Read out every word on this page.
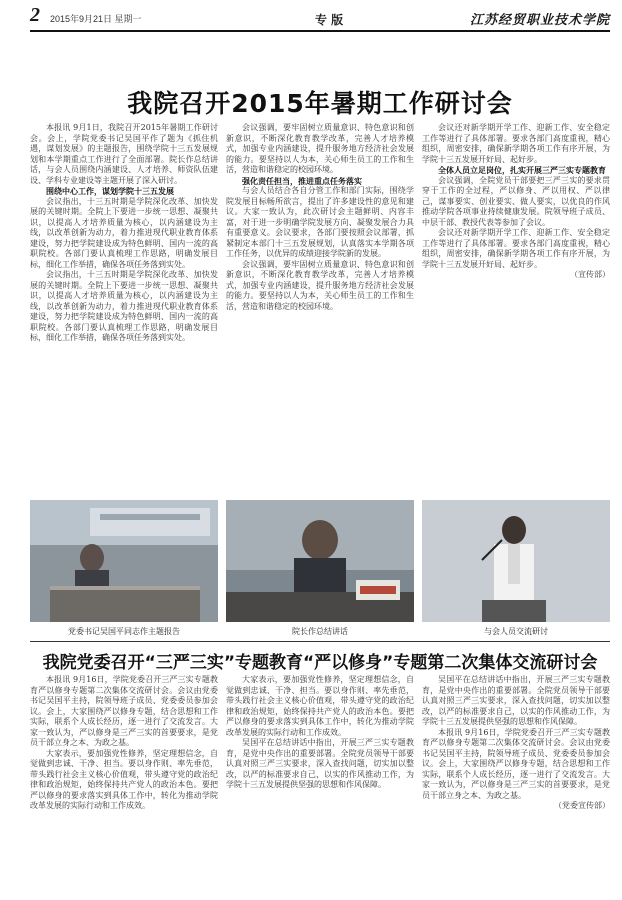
2 2015年9月21日 星期一	专 版	江苏经贸职业技术学院
我院召开2015年暑期工作研讨会

本报讯 9月1日，我院召开2015年暑期工作研讨会。会上，学院党委书记吴国平作了题为《抓住机遇，谋划发展》的主题报告，围绕学院十三五发展规划和本学期重点工作进行了全面部署。院长作总结讲话，与会人员围绕内涵建设、人才培养、师资队伍建设、学科专业建设等主题开展了深入研讨。

围绕中心工作，谋划学院十三五发展

会议指出，十三五时期是学院深化改革、加快发展的关键时期。全院上下要进一步统一思想、凝聚共识，以提高人才培养质量为核心，以内涵建设为主线，以改革创新为动力，着力推进现代职业教育体系建设，努力把学院建设成为特色鲜明、国内一流的高职院校。各部门要认真梳理工作思路，明确发展目标，细化工作举措，确保各项任务落到实处。

会议指出，十三五时期是学院深化改革、加快发展的关键时期。全院上下要进一步统一思想、凝聚共识，以提高人才培养质量为核心，以内涵建设为主线，以改革创新为动力，着力推进现代职业教育体系建设，努力把学院建设成为特色鲜明、国内一流的高职院校。各部门要认真梳理工作思路，明确发展目标，细化工作举措，确保各项任务落到实处。

会议强调，要牢固树立质量意识、特色意识和创新意识，不断深化教育教学改革，完善人才培养模式，加强专业内涵建设，提升服务地方经济社会发展的能力。要坚持以人为本，关心师生员工的工作和生活，营造和谐稳定的校园环境。

强化责任担当，推进重点任务落实

与会人员结合各自分管工作和部门实际，围绕学院发展目标畅所欲言，提出了许多建设性的意见和建议。大家一致认为，此次研讨会主题鲜明、内容丰富，对于进一步明确学院发展方向、凝聚发展合力具有重要意义。会议要求，各部门要按照会议部署，抓紧制定本部门十三五发展规划，认真落实本学期各项工作任务，以优异的成绩迎接学院新的发展。

会议强调，要牢固树立质量意识、特色意识和创新意识，不断深化教育教学改革，完善人才培养模式，加强专业内涵建设，提升服务地方经济社会发展的能力。要坚持以人为本，关心师生员工的工作和生活，营造和谐稳定的校园环境。

会议还对新学期开学工作、迎新工作、安全稳定工作等进行了具体部署。要求各部门高度重视，精心组织，周密安排，确保新学期各项工作有序开展，为学院十三五发展开好局、起好步。

全体人员立足岗位，扎实开展三严三实专题教育

会议强调，全院党员干部要把三严三实的要求贯穿于工作的全过程，严以修身、严以用权、严以律己，谋事要实、创业要实、做人要实，以优良的作风推动学院各项事业持续健康发展。院领导班子成员、中层干部、教授代表等参加了会议。

会议还对新学期开学工作、迎新工作、安全稳定工作等进行了具体部署。要求各部门高度重视，精心组织，周密安排，确保新学期各项工作有序开展，为学院十三五发展开好局、起好步。

（宣传部）

党委书记吴国平同志作主题报告	院长作总结讲话	与会人员交流研讨
我院党委召开“三严三实”专题教育“严以修身”专题第二次集体交流研讨会

本报讯 9月16日，学院党委召开三严三实专题教育严以修身专题第二次集体交流研讨会。会议由党委书记吴国平主持，院领导班子成员、党委委员参加会议。会上，大家围绕严以修身专题，结合思想和工作实际，联系个人成长经历，逐一进行了交流发言。大家一致认为，严以修身是三严三实的首要要求，是党员干部立身之本、为政之基。

大家表示，要加强党性修养，坚定理想信念，自觉做到忠诚、干净、担当。要以身作则、率先垂范，带头践行社会主义核心价值观，带头遵守党的政治纪律和政治规矩，始终保持共产党人的政治本色。要把严以修身的要求落实到具体工作中，转化为推动学院改革发展的实际行动和工作成效。

大家表示，要加强党性修养，坚定理想信念，自觉做到忠诚、干净、担当。要以身作则、率先垂范，带头践行社会主义核心价值观，带头遵守党的政治纪律和政治规矩，始终保持共产党人的政治本色。要把严以修身的要求落实到具体工作中，转化为推动学院改革发展的实际行动和工作成效。

吴国平在总结讲话中指出，开展三严三实专题教育，是党中央作出的重要部署。全院党员领导干部要认真对照三严三实要求，深入查找问题，切实加以整改，以严的标准要求自己，以实的作风推动工作，为学院十三五发展提供坚强的思想和作风保障。

吴国平在总结讲话中指出，开展三严三实专题教育，是党中央作出的重要部署。全院党员领导干部要认真对照三严三实要求，深入查找问题，切实加以整改，以严的标准要求自己，以实的作风推动工作，为学院十三五发展提供坚强的思想和作风保障。

本报讯 9月16日，学院党委召开三严三实专题教育严以修身专题第二次集体交流研讨会。会议由党委书记吴国平主持，院领导班子成员、党委委员参加会议。会上，大家围绕严以修身专题，结合思想和工作实际，联系个人成长经历，逐一进行了交流发言。大家一致认为，严以修身是三严三实的首要要求，是党员干部立身之本、为政之基。

（党委宣传部）
